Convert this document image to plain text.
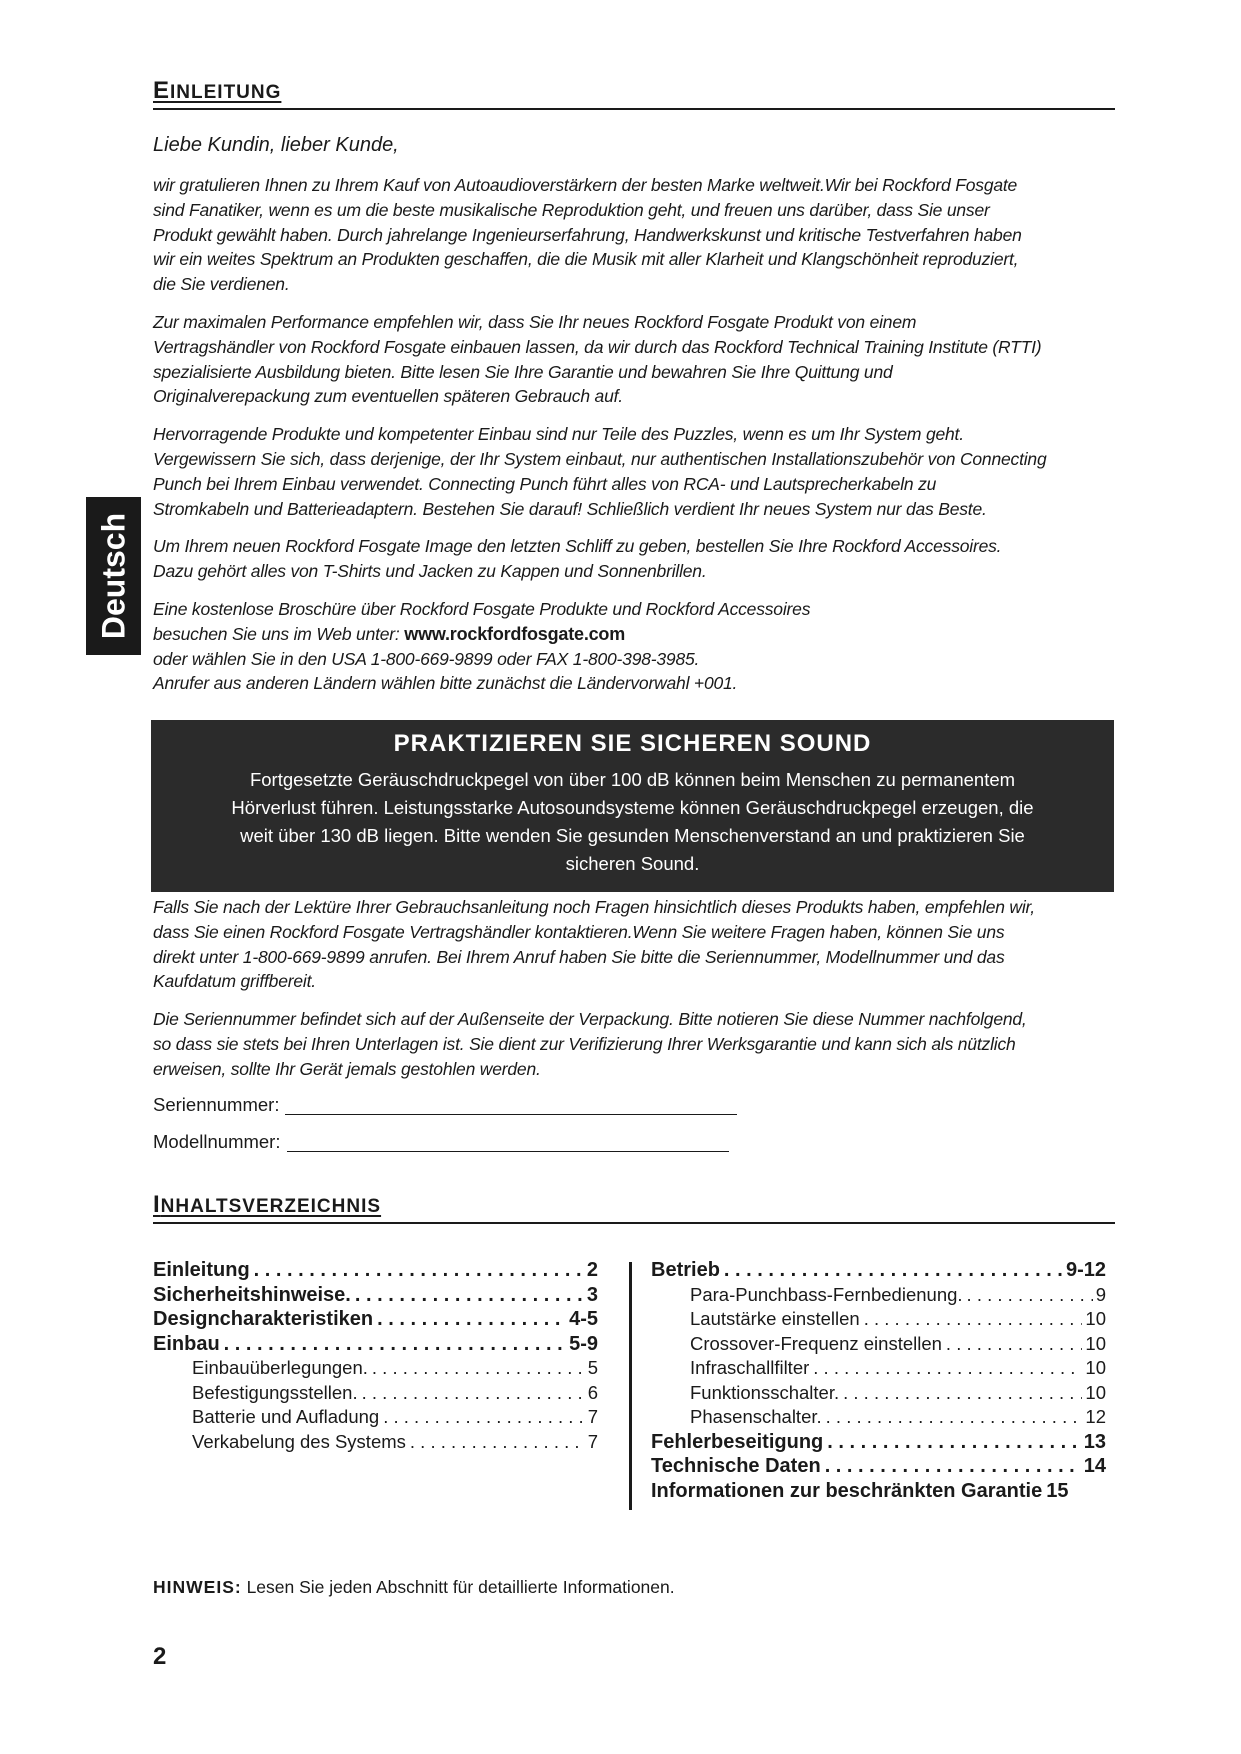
EINLEITUNG
Liebe Kundin, lieber Kunde,

wir gratulieren Ihnen zu Ihrem Kauf von Autoaudioverstärkern der besten Marke weltweit.Wir bei Rockford Fosgate
sind Fanatiker, wenn es um die beste musikalische Reproduktion geht, und freuen uns darüber, dass Sie unser
Produkt gewählt haben. Durch jahrelange Ingenieurserfahrung, Handwerkskunst und kritische Testverfahren haben
wir ein weites Spektrum an Produkten geschaffen, die die Musik mit aller Klarheit und Klangschönheit reproduziert,
die Sie verdienen.

Zur maximalen Performance empfehlen wir, dass Sie Ihr neues Rockford Fosgate Produkt von einem
Vertragshändler von Rockford Fosgate einbauen lassen, da wir durch das Rockford Technical Training Institute (RTTI)
spezialisierte Ausbildung bieten. Bitte lesen Sie Ihre Garantie und bewahren Sie Ihre Quittung und
Originalverepackung zum eventuellen späteren Gebrauch auf.

Hervorragende Produkte und kompetenter Einbau sind nur Teile des Puzzles, wenn es um Ihr System geht.
Vergewissern Sie sich, dass derjenige, der Ihr System einbaut, nur authentischen Installationszubehör von Connecting
Punch bei Ihrem Einbau verwendet. Connecting Punch führt alles von RCA- und Lautsprecherkabeln zu
Stromkabeln und Batterieadaptern. Bestehen Sie darauf! Schließlich verdient Ihr neues System nur das Beste.

Um Ihrem neuen Rockford Fosgate Image den letzten Schliff zu geben, bestellen Sie Ihre Rockford Accessoires.
Dazu gehört alles von T-Shirts und Jacken zu Kappen und Sonnenbrillen.

Eine kostenlose Broschüre über Rockford Fosgate Produkte und Rockford Accessoires
besuchen Sie uns im Web unter: www.rockfordfosgate.com
oder wählen Sie in den USA 1-800-669-9899 oder FAX 1-800-398-3985.
Anrufer aus anderen Ländern wählen bitte zunächst die Ländervorwahl +001.

Deutsch
PRAKTIZIEREN SIE SICHEREN SOUND
Fortgesetzte Geräuschdruckpegel von über 100 dB können beim Menschen zu permanentem
Hörverlust führen. Leistungsstarke Autosoundsysteme können Geräuschdruckpegel erzeugen, die
weit über 130 dB liegen. Bitte wenden Sie gesunden Menschenverstand an und praktizieren Sie
sicheren Sound.

Falls Sie nach der Lektüre Ihrer Gebrauchsanleitung noch Fragen hinsichtlich dieses Produkts haben, empfehlen wir,
dass Sie einen Rockford Fosgate Vertragshändler kontaktieren.Wenn Sie weitere Fragen haben, können Sie uns
direkt unter 1-800-669-9899 anrufen. Bei Ihrem Anruf haben Sie bitte die Seriennummer, Modellnummer und das
Kaufdatum griffbereit.

Die Seriennummer befindet sich auf der Außenseite der Verpackung. Bitte notieren Sie diese Nummer nachfolgend,
so dass sie stets bei Ihren Unterlagen ist. Sie dient zur Verifizierung Ihrer Werksgarantie und kann sich als nützlich
erweisen, sollte Ihr Gerät jemals gestohlen werden.

Seriennummer:
Modellnummer:
INHALTSVERZEICHNIS
Einleitung . . .	2
Sicherheitshinweise. . . .	3
Designcharakteristiken . . .	4-5
Einbau . . .	5-9
Einbauüberlegungen. . . .	5
Befestigungsstellen. . . .	6
Batterie und Aufladung . . .	7
Verkabelung des Systems . . .	7
Betrieb . . .	9-12
Para-Punchbass-Fernbedienung. . . .	9
Lautstärke einstellen . . .	10
Crossover-Frequenz einstellen . . .	10
Infraschallfilter . . .	10
Funktionsschalter. . . .	10
Phasenschalter. . . .	12
Fehlerbeseitigung . . .	13
Technische Daten . . .	14
Informationen zur beschränkten Garantie 15
HINWEIS: Lesen Sie jeden Abschnitt für detaillierte Informationen.
2
